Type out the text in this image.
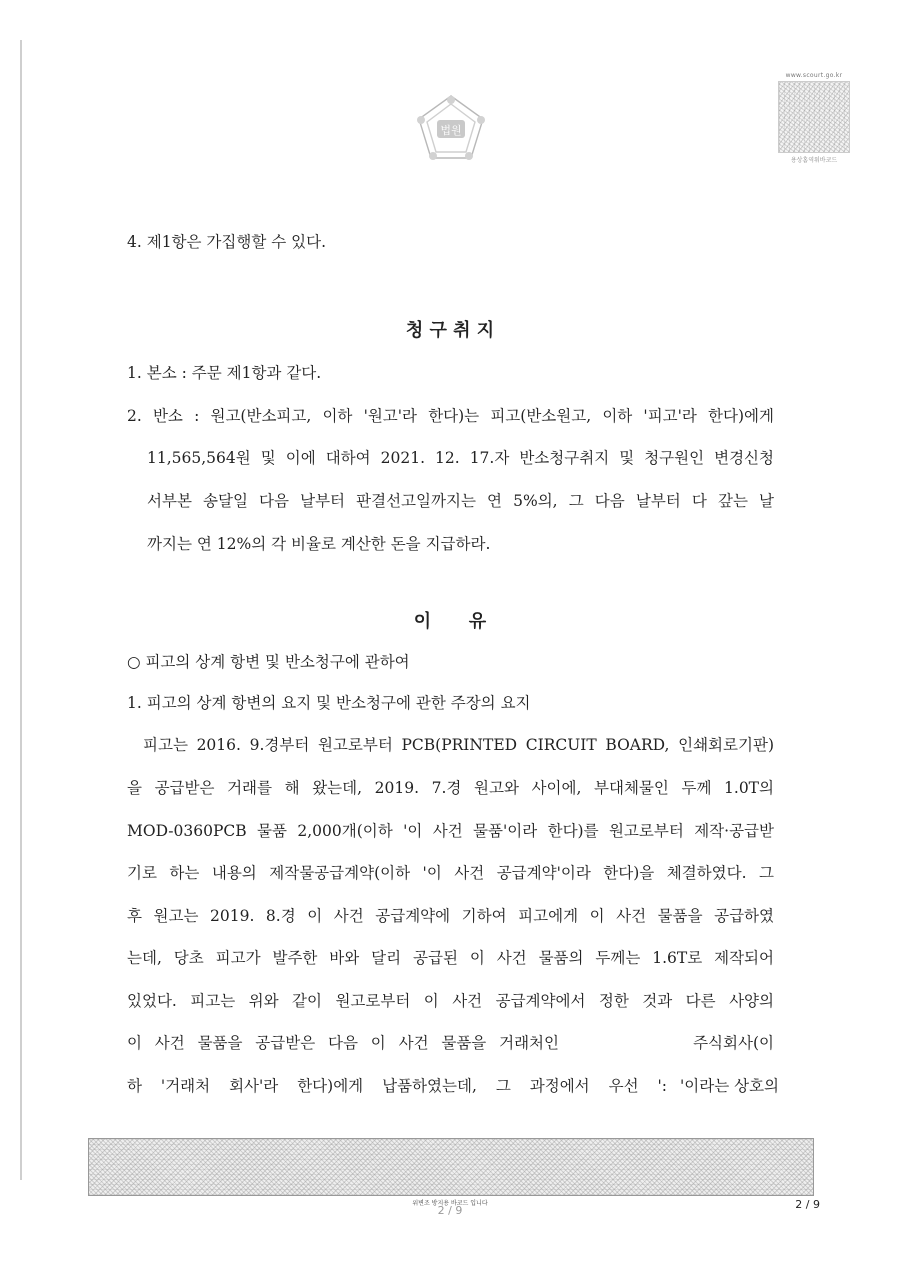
법원
www.scourt.go.kr
용상홈역워바코드
4. 제1항은 가집행할 수 있다.
청 구 취 지
1. 본소 : 주문 제1항과 같다.
2. 반소 : 원고(반소피고, 이하 '원고'라 한다)는 피고(반소원고, 이하 '피고'라 한다)에게
11,565,564원 및 이에 대하여 2021. 12. 17.자 반소청구취지 및 청구원인 변경신청
서부본 송달일 다음 날부터 판결선고일까지는 연 5%의, 그 다음 날부터 다 갚는 날
까지는 연 12%의 각 비율로 계산한 돈을 지급하라.
이      유
○ 피고의 상계 항변 및 반소청구에 관하여
1. 피고의 상계 항변의 요지 및 반소청구에 관한 주장의 요지
피고는 2016. 9.경부터 원고로부터 PCB(PRINTED CIRCUIT BOARD, 인쇄회로기판)
을 공급받은 거래를 해 왔는데, 2019. 7.경 원고와 사이에, 부대체물인 두께 1.0T의
MOD-0360PCB 물품 2,000개(이하 '이 사건 물품'이라 한다)를 원고로부터 제작·공급받
기로 하는 내용의 제작물공급계약(이하 '이 사건 공급계약'이라 한다)을 체결하였다. 그
후 원고는 2019. 8.경 이 사건 공급계약에 기하여 피고에게 이 사건 물품을 공급하였
는데, 당초 피고가 발주한 바와 달리 공급된 이 사건 물품의 두께는 1.6T로 제작되어
있었다. 피고는 위와 같이 원고로부터 이 사건 공급계약에서 정한 것과 다른 사양의
이 사건 물품을 공급받은 다음 이 사건 물품을 거래처인	주식회사(이
하 '거래처 회사'라 한다)에게 납품하였는데, 그 과정에서 우선 ': '이라는 상호의
위변조 방지용 바코드 입니다
2 / 9	2 / 9
